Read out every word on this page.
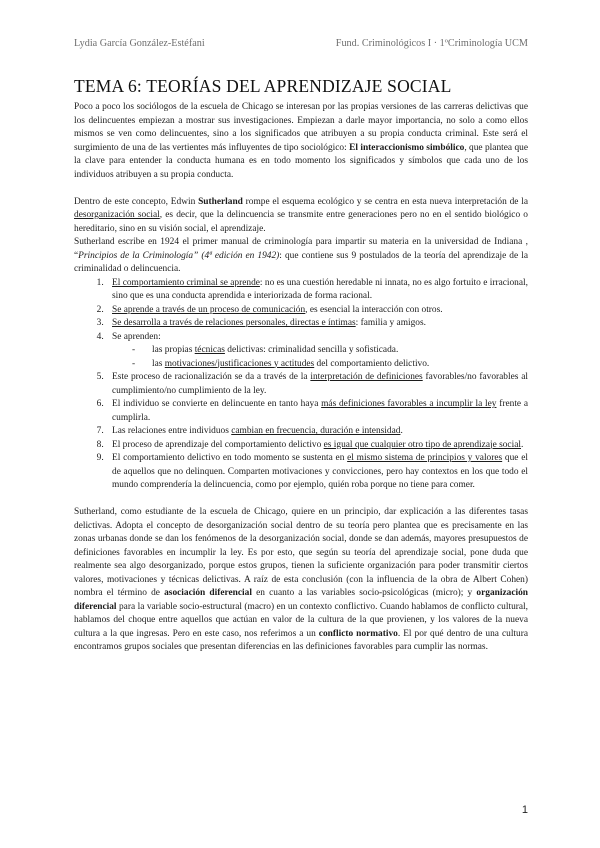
Lydia García González-Estéfani	Fund. Criminológicos I · 1ºCriminología UCM
TEMA 6: TEORÍAS DEL APRENDIZAJE SOCIAL

Poco a poco los sociólogos de la escuela de Chicago se interesan por las propias versiones de las carreras delictivas que los delincuentes empiezan a mostrar sus investigaciones. Empiezan a darle mayor importancia, no solo a como ellos mismos se ven como delincuentes, sino a los significados que atribuyen a su propia conducta criminal. Este será el surgimiento de una de las vertientes más influyentes de tipo sociológico: El interaccionismo simbólico, que plantea que la clave para entender la conducta humana es en todo momento los significados y símbolos que cada uno de los individuos atribuyen a su propia conducta.

Dentro de este concepto, Edwin Sutherland rompe el esquema ecológico y se centra en esta nueva interpretación de la desorganización social, es decir, que la delincuencia se transmite entre generaciones pero no en el sentido biológico o hereditario, sino en su visión social, el aprendizaje.

Sutherland escribe en 1924 el primer manual de criminología para impartir su materia en la universidad de Indiana , “Principios de la Criminología” (4ª edición en 1942): que contiene sus 9 postulados de la teoría del aprendizaje de la criminalidad o delincuencia.

1. El comportamiento criminal se aprende: no es una cuestión heredable ni innata, no es algo fortuito e irracional, sino que es una conducta aprendida e interiorizada de forma racional.
2. Se aprende a través de un proceso de comunicación, es esencial la interacción con otros.
3. Se desarrolla a través de relaciones personales, directas e íntimas: familia y amigos.
4. Se aprenden:
- las propias técnicas delictivas: criminalidad sencilla y sofisticada.
- las motivaciones/justificaciones y actitudes del comportamiento delictivo.
5. Este proceso de racionalización se da a través de la interpretación de definiciones favorables/no favorables al cumplimiento/no cumplimiento de la ley.
6. El individuo se convierte en delincuente en tanto haya más definiciones favorables a incumplir la ley frente a cumplirla.
7. Las relaciones entre individuos cambian en frecuencia, duración e intensidad.
8. El proceso de aprendizaje del comportamiento delictivo es igual que cualquier otro tipo de aprendizaje social.
9. El comportamiento delictivo en todo momento se sustenta en el mismo sistema de principios y valores que el de aquellos que no delinquen. Comparten motivaciones y convicciones, pero hay contextos en los que todo el mundo comprendería la delincuencia, como por ejemplo, quién roba porque no tiene para comer.

Sutherland, como estudiante de la escuela de Chicago, quiere en un principio, dar explicación a las diferentes tasas delictivas. Adopta el concepto de desorganización social dentro de su teoría pero plantea que es precisamente en las zonas urbanas donde se dan los fenómenos de la desorganización social, donde se dan además, mayores presupuestos de definiciones favorables en incumplir la ley. Es por esto, que según su teoría del aprendizaje social, pone duda que realmente sea algo desorganizado, porque estos grupos, tienen la suficiente organización para poder transmitir ciertos valores, motivaciones y técnicas delictivas. A raíz de esta conclusión (con la influencia de la obra de Albert Cohen) nombra el término de asociación diferencial en cuanto a las variables socio-psicológicas (micro); y organización diferencial para la variable socio-estructural (macro) en un contexto conflictivo. Cuando hablamos de conflicto cultural, hablamos del choque entre aquellos que actúan en valor de la cultura de la que provienen, y los valores de la nueva cultura a la que ingresas. Pero en este caso, nos referimos a un conflicto normativo. El por qué dentro de una cultura encontramos grupos sociales que presentan diferencias en las definiciones favorables para cumplir las normas.

1
